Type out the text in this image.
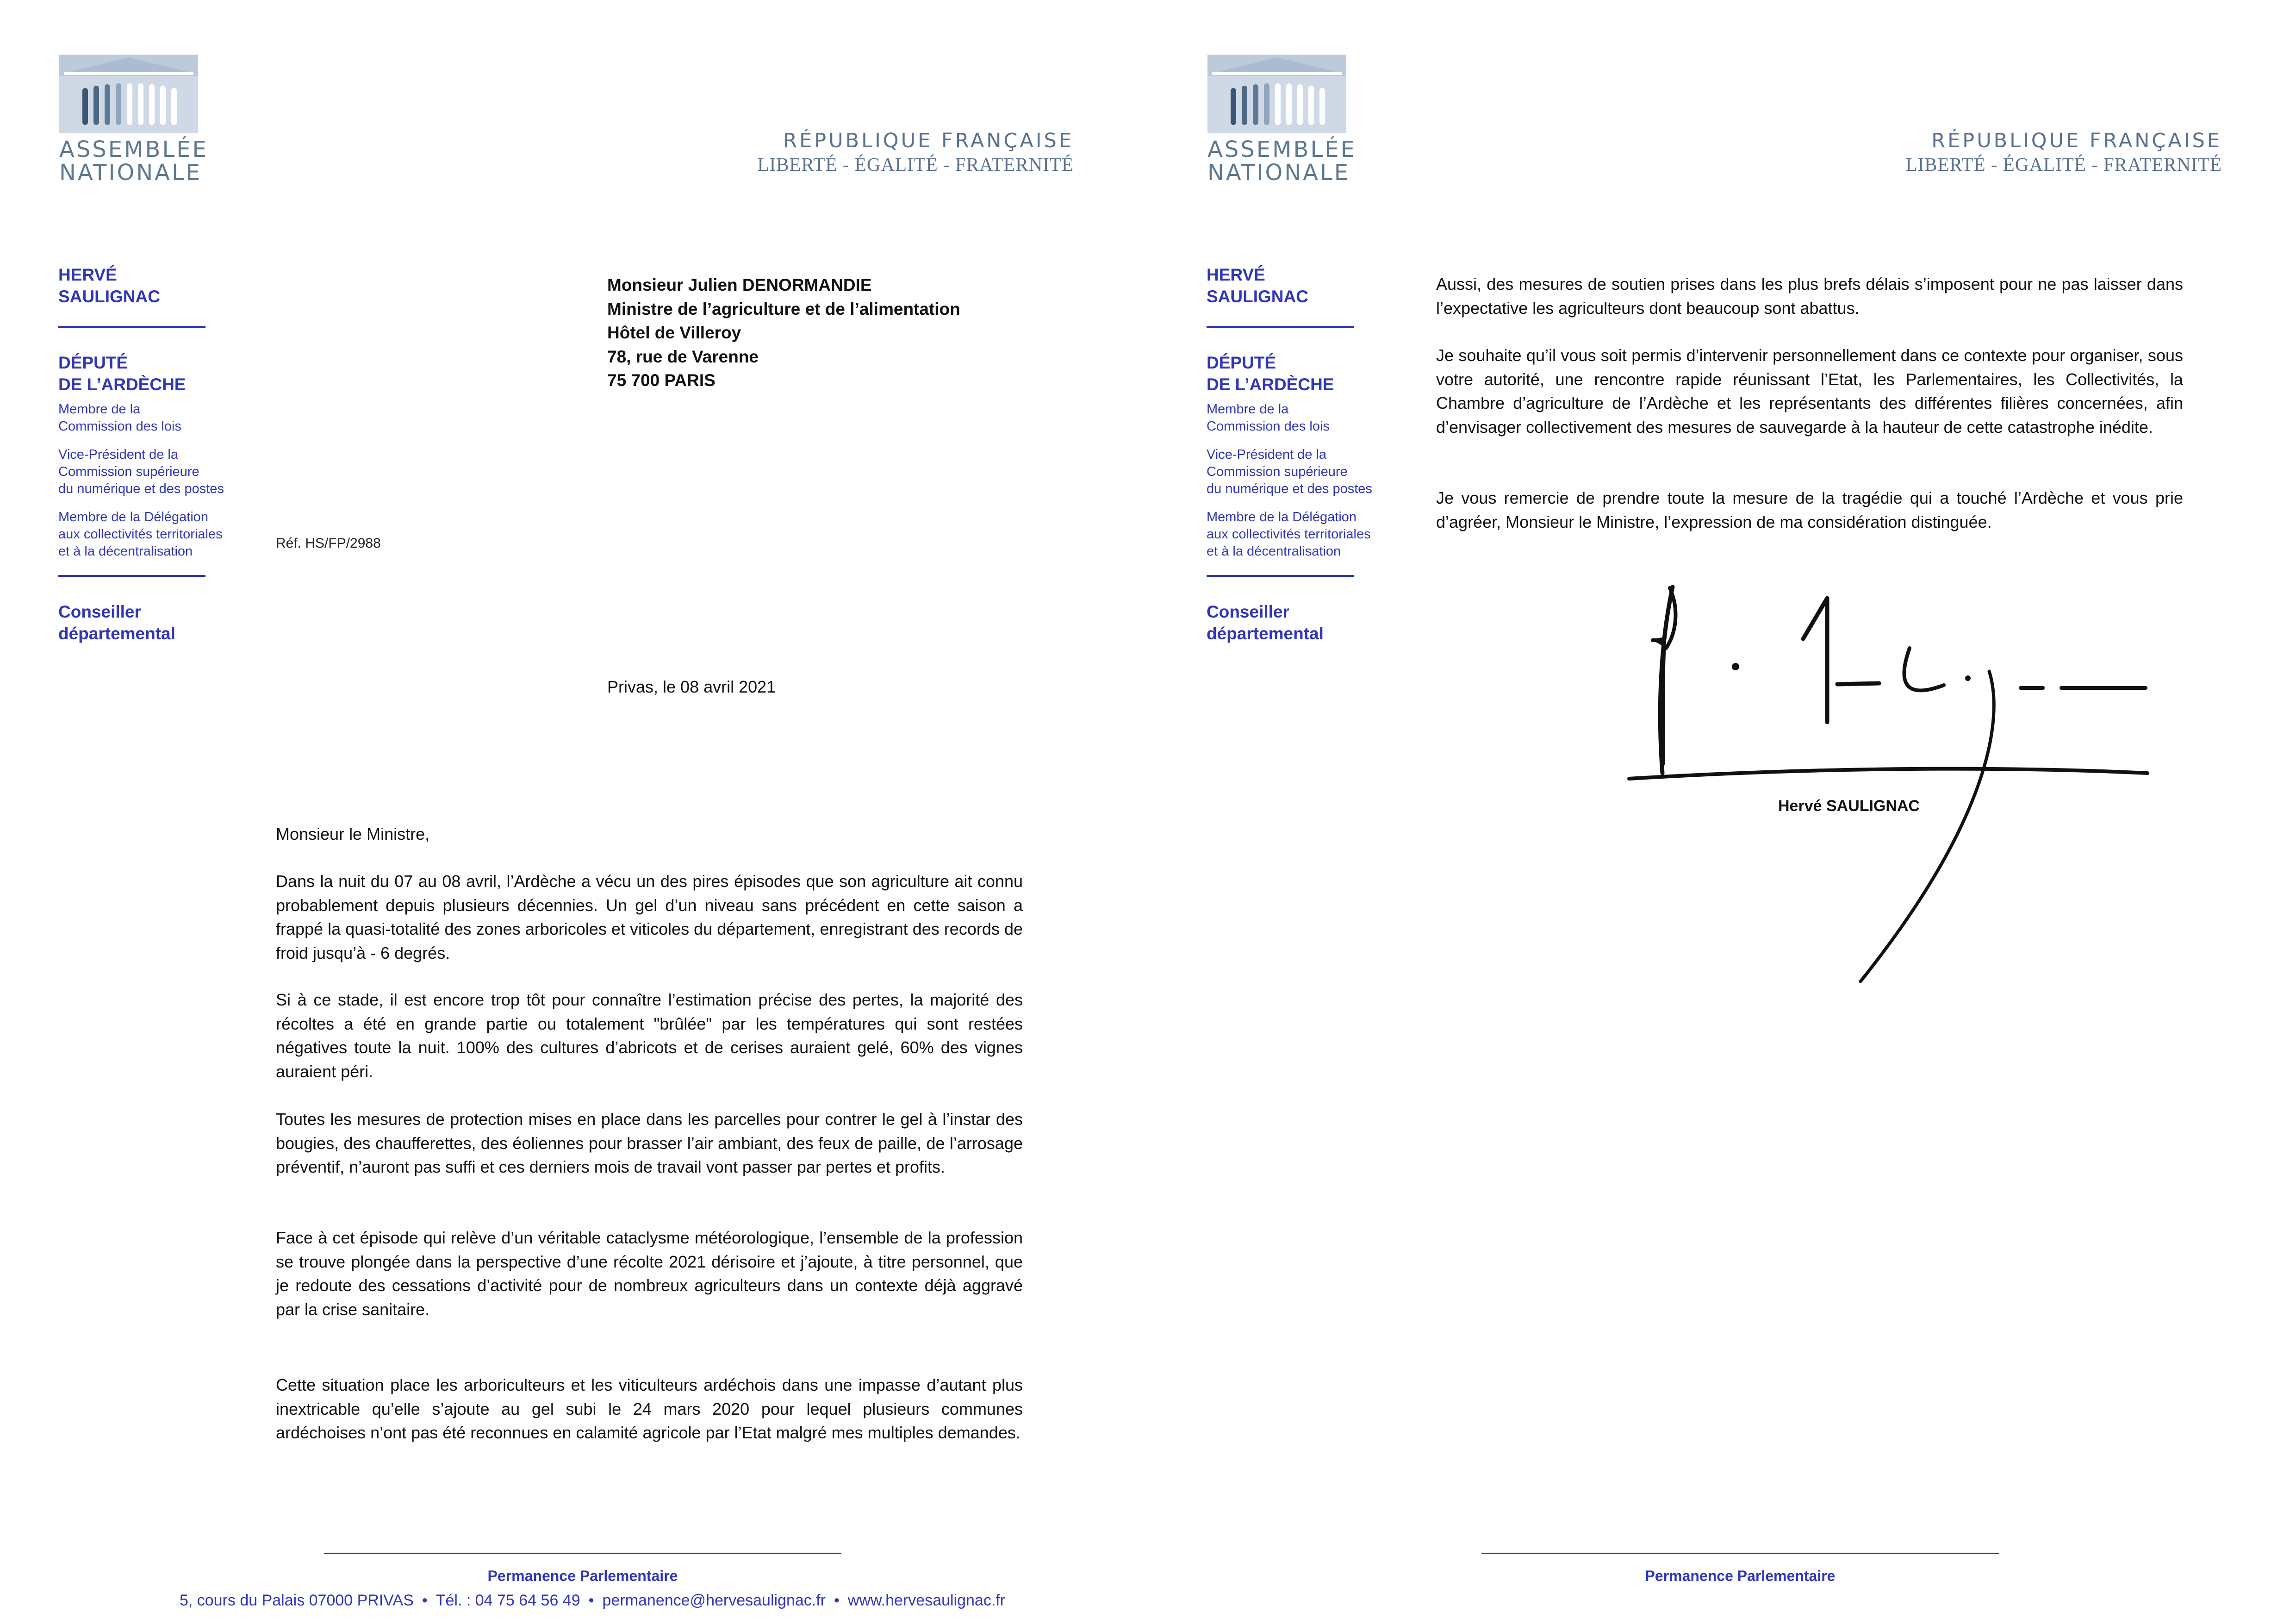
ASSEMBLÉE
NATIONALE
RÉPUBLIQUE FRANÇAISE
LIBERTÉ - ÉGALITÉ - FRATERNITÉ
HERVÉ
SAULIGNAC
DÉPUTÉ
DE L’ARDÈCHE
Membre de la
Commission des lois
Vice-Président de la
Commission supérieure
du numérique et des postes
Membre de la Délégation
aux collectivités territoriales
et à la décentralisation
Conseiller
départemental
Monsieur Julien DENORMANDIE
Ministre de l’agriculture et de l’alimentation
Hôtel de Villeroy
78, rue de Varenne
75 700 PARIS
Réf. HS/FP/2988
Privas, le 08 avril 2021
Monsieur le Ministre,
Dans la nuit du 07 au 08 avril, l’Ardèche a vécu un des pires épisodes que son agriculture ait connu probablement depuis plusieurs décennies. Un gel d’un niveau sans précédent en cette saison a frappé la quasi-totalité des zones arboricoles et viticoles du département, enregistrant des records de froid jusqu’à - 6 degrés.
Si à ce stade, il est encore trop tôt pour connaître l’estimation précise des pertes, la majorité des récoltes a été en grande partie ou totalement "brûlée" par les températures qui sont restées négatives toute la nuit. 100% des cultures d’abricots et de cerises auraient gelé, 60% des vignes auraient péri.
Toutes les mesures de protection mises en place dans les parcelles pour contrer le gel à l’instar des bougies, des chaufferettes, des éoliennes pour brasser l’air ambiant, des feux de paille, de l’arrosage préventif, n’auront pas suffi et ces derniers mois de travail vont passer par pertes et profits.
Face à cet épisode qui relève d’un véritable cataclysme météorologique, l’ensemble de la profession se trouve plongée dans la perspective d’une récolte 2021 dérisoire et j’ajoute, à titre personnel, que je redoute des cessations d’activité pour de nombreux agriculteurs dans un contexte déjà aggravé par la crise sanitaire.
Cette situation place les arboriculteurs et les viticulteurs ardéchois dans une impasse d’autant plus inextricable qu’elle s’ajoute au gel subi le 24 mars 2020 pour lequel plusieurs communes ardéchoises n’ont pas été reconnues en calamité agricole par l’Etat malgré mes multiples demandes.
Permanence Parlementaire
5, cours du Palais 07000 PRIVAS • Tél. : 04 75 64 56 49 • permanence@hervesaulignac.fr • www.hervesaulignac.fr
ASSEMBLÉE
NATIONALE
RÉPUBLIQUE FRANÇAISE
LIBERTÉ - ÉGALITÉ - FRATERNITÉ
HERVÉ
SAULIGNAC
DÉPUTÉ
DE L’ARDÈCHE
Membre de la
Commission des lois
Vice-Président de la
Commission supérieure
du numérique et des postes
Membre de la Délégation
aux collectivités territoriales
et à la décentralisation
Conseiller
départemental
Aussi, des mesures de soutien prises dans les plus brefs délais s’imposent pour ne pas laisser dans l’expectative les agriculteurs dont beaucoup sont abattus.
Je souhaite qu’il vous soit permis d’intervenir personnellement dans ce contexte pour organiser, sous votre autorité, une rencontre rapide réunissant l’Etat, les Parlementaires, les Collectivités, la Chambre d’agriculture de l’Ardèche et les représentants des différentes filières concernées, afin d’envisager collectivement des mesures de sauvegarde à la hauteur de cette catastrophe inédite.
Je vous remercie de prendre toute la mesure de la tragédie qui a touché l’Ardèche et vous prie d’agréer, Monsieur le Ministre, l’expression de ma considération distinguée.
Permanence Parlementaire
Hervé SAULIGNAC
